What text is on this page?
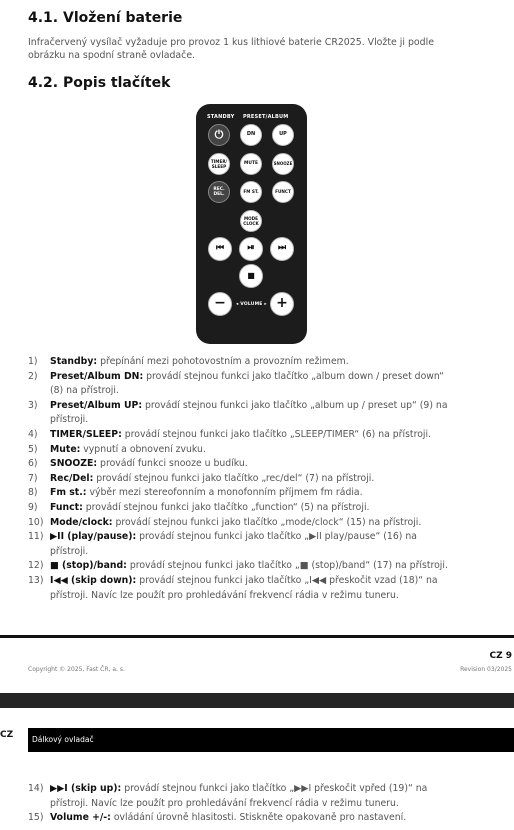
4.1. Vložení baterie
Infračervený vysílač vyžaduje pro provoz 1 kus lithiové baterie CR2025. Vložte ji podle
obrázku na spodní straně ovladače.
4.2. Popis tlačítek
STANDBY PRESET/ALBUM
⏻	DN	UP
TIMER/ SLEEP
MUTE	SNOOZE
REC. DEL.
FM ST.	FUNCT
MODE CLOCK
⏮	⏯	⏭
■
−	◂ VOLUME ▸ +
1)	Standby: přepínání mezi pohotovostním a provozním režimem.
2)	Preset/Album DN: provádí stejnou funkci jako tlačítko „album down / preset down“
(8) na přístroji.
3)	Preset/Album UP: provádí stejnou funkci jako tlačítko „album up / preset up“ (9) na
přístroji.
4)	TIMER/SLEEP: provádí stejnou funkci jako tlačítko „SLEEP/TIMER“ (6) na přístroji.
5)	Mute: vypnutí a obnovení zvuku.
6)	SNOOZE: provádí funkci snooze u budíku.
7)	Rec/Del: provádí stejnou funkci jako tlačítko „rec/del“ (7) na přístroji.
8)	Fm st.: výběr mezi stereofonním a monofonním příjmem fm rádia.
9)	Funct: provádí stejnou funkci jako tlačítko „function“ (5) na přístroji.
10) Mode/clock: provádí stejnou funkci jako tlačítko „mode/clock“ (15) na přístroji.
11) ▶II (play/pause): provádí stejnou funkci jako tlačítko „▶II play/pause“ (16) na
přístroji.
12) ■ (stop)/band: provádí stejnou funkci jako tlačítko „■ (stop)/band“ (17) na přístroji.
13) I◀◀ (skip down): provádí stejnou funkci jako tlačítko „I◀◀ přeskočit vzad (18)“ na
přístroji. Navíc lze použít pro prohledávání frekvencí rádia v režimu tuneru.
CZ 9
Copyright © 2025, Fast ČR, a. s.	Revision 03/2025
CZ	Dálkový ovladač
14) ▶▶I (skip up): provádí stejnou funkci jako tlačítko „▶▶I přeskočit vpřed (19)“ na
přístroji. Navíc lze použít pro prohledávání frekvencí rádia v režimu tuneru.
15) Volume +/-: ovládání úrovně hlasitosti. Stiskněte opakovaně pro nastavení.
